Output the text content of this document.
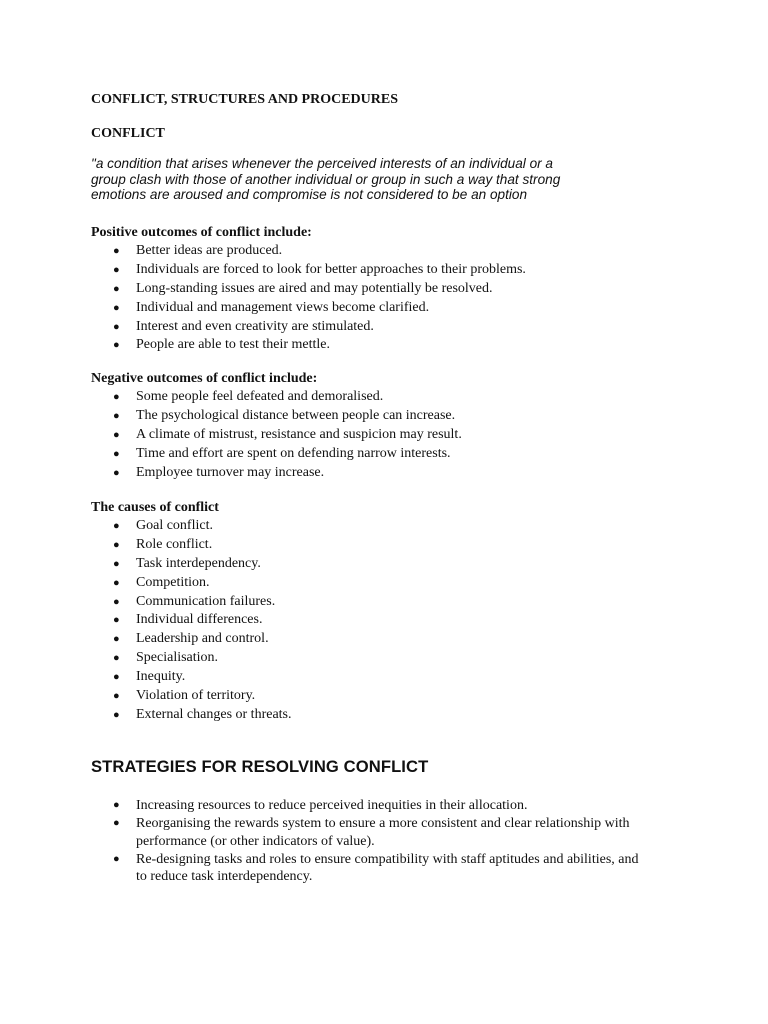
CONFLICT, STRUCTURES AND PROCEDURES
CONFLICT

"a condition that arises whenever the perceived interests of an individual or a
group clash with those of another individual or group in such a way that strong
emotions are aroused and compromise is not considered to be an option

Positive outcomes of conflict include:
● Better ideas are produced.
● Individuals are forced to look for better approaches to their problems.
● Long-standing issues are aired and may potentially be resolved.
● Individual and management views become clarified.
● Interest and even creativity are stimulated.
● People are able to test their mettle.
Negative outcomes of conflict include:
● Some people feel defeated and demoralised.
● The psychological distance between people can increase.
● A climate of mistrust, resistance and suspicion may result.
● Time and effort are spent on defending narrow interests.
● Employee turnover may increase.
The causes of conflict
● Goal conflict.
● Role conflict.
● Task interdependency.
● Competition.
● Communication failures.
● Individual differences.
● Leadership and control.
● Specialisation.
● Inequity.
● Violation of territory.
● External changes or threats.
STRATEGIES FOR RESOLVING CONFLICT
● Increasing resources to reduce perceived inequities in their allocation.
● Reorganising the rewards system to ensure a more consistent and clear relationship with
performance (or other indicators of value).
● Re-designing tasks and roles to ensure compatibility with staff aptitudes and abilities, and
to reduce task interdependency.
